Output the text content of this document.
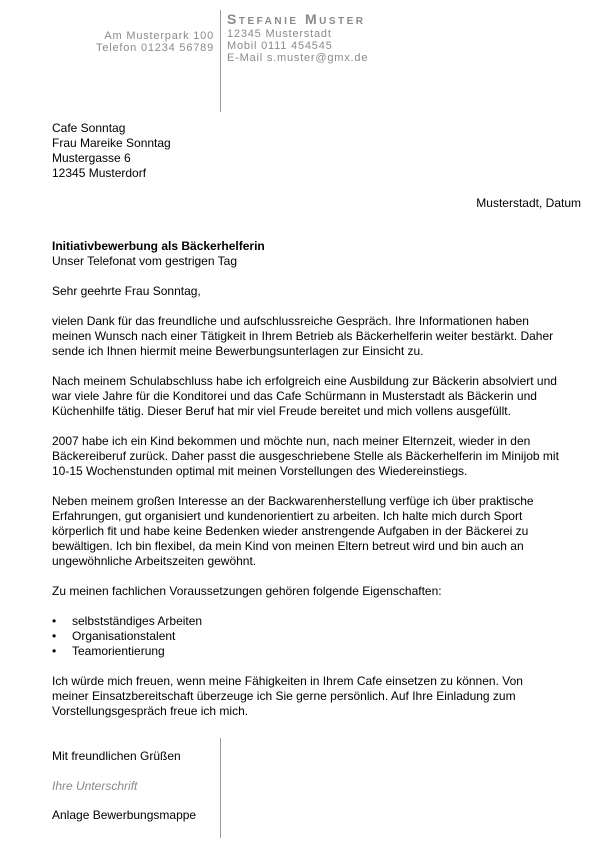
Am Musterpark 100
Telefon 01234 56789
Stefanie Muster
12345 Musterstadt
Mobil 0111 454545
E-Mail s.muster@gmx.de
Cafe Sonntag
Frau Mareike Sonntag
Mustergasse 6
12345 Musterdorf
Musterstadt, Datum
Initiativbewerbung als Bäckerhelferin
Unser Telefonat vom gestrigen Tag

Sehr geehrte Frau Sonntag,

vielen Dank für das freundliche und aufschlussreiche Gespräch. Ihre Informationen haben meinen Wunsch nach einer Tätigkeit in Ihrem Betrieb als Bäckerhelferin weiter bestärkt. Daher sende ich Ihnen hiermit meine Bewerbungsunterlagen zur Einsicht zu.

Nach meinem Schulabschluss habe ich erfolgreich eine Ausbildung zur Bäckerin absolviert und war viele Jahre für die Konditorei und das Cafe Schürmann in Musterstadt als Bäckerin und Küchenhilfe tätig. Dieser Beruf hat mir viel Freude bereitet und mich vollens ausgefüllt.

2007 habe ich ein Kind bekommen und möchte nun, nach meiner Elternzeit, wieder in den Bäckereiberuf zurück. Daher passt die ausgeschriebene Stelle als Bäckerhelferin im Minijob mit 10-15 Wochenstunden optimal mit meinen Vorstellungen des Wiedereinstiegs.

Neben meinem großen Interesse an der Backwarenherstellung verfüge ich über praktische Erfahrungen, gut organisiert und kundenorientiert zu arbeiten. Ich halte mich durch Sport körperlich fit und habe keine Bedenken wieder anstrengende Aufgaben in der Bäckerei zu bewältigen. Ich bin flexibel, da mein Kind von meinen Eltern betreut wird und bin auch an ungewöhnliche Arbeitszeiten gewöhnt.

Zu meinen fachlichen Voraussetzungen gehören folgende Eigenschaften:

• selbstständiges Arbeiten
• Organisationstalent
• Teamorientierung

Ich würde mich freuen, wenn meine Fähigkeiten in Ihrem Cafe einsetzen zu können. Von meiner Einsatzbereitschaft überzeuge ich Sie gerne persönlich. Auf Ihre Einladung zum Vorstellungsgespräch freue ich mich.

Mit freundlichen Grüßen
Ihre Unterschrift
Anlage Bewerbungsmappe
